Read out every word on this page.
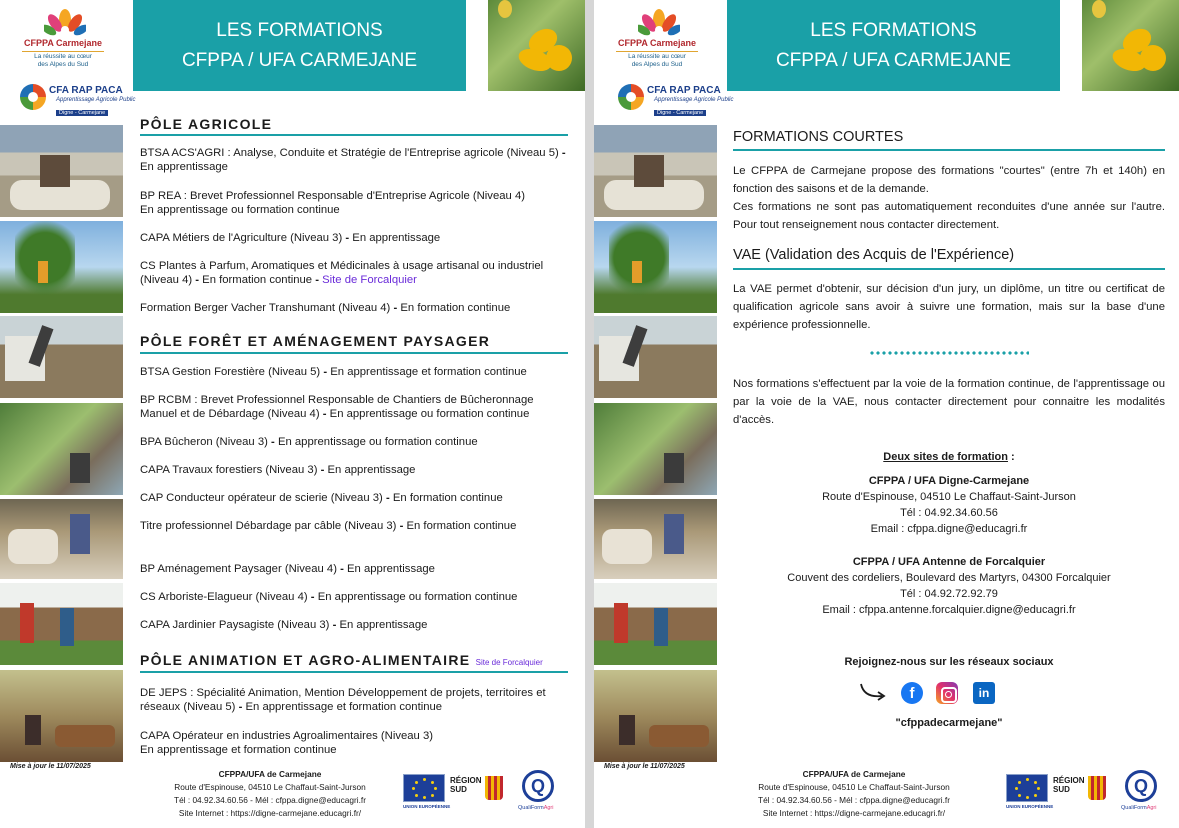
CFPPA Carmejane
La réussite au cœur des Alpes du Sud
CFA RAP PACA
Apprentissage Agricole Public
Digne - Carmejane
LES FORMATIONS
CFPPA / UFA CARMEJANE
PÔLE AGRICOLE
BTSA ACS'AGRI : Analyse, Conduite et Stratégie de l'Entreprise agricole (Niveau 5) - En apprentissage
BP REA : Brevet Professionnel Responsable d'Entreprise Agricole (Niveau 4)
En apprentissage ou formation continue
CAPA Métiers de l'Agriculture (Niveau 3) - En apprentissage
CS Plantes à Parfum, Aromatiques et Médicinales à usage artisanal ou industriel (Niveau 4) - En formation continue - Site de Forcalquier
Formation Berger Vacher Transhumant (Niveau 4) - En formation continue
PÔLE FORÊT ET AMÉNAGEMENT PAYSAGER
BTSA Gestion Forestière (Niveau 5) - En apprentissage et formation continue
BP RCBM : Brevet Professionnel Responsable de Chantiers de Bûcheronnage Manuel et de Débardage (Niveau 4) - En apprentissage ou formation continue
BPA Bûcheron (Niveau 3) - En apprentissage ou formation continue
CAPA Travaux forestiers (Niveau 3) - En apprentissage
CAP Conducteur opérateur de scierie (Niveau 3) - En formation continue
Titre professionnel Débardage par câble (Niveau 3) - En formation continue
BP Aménagement Paysager (Niveau 4) - En apprentissage
CS Arboriste-Elagueur (Niveau 4) - En apprentissage ou formation continue
CAPA Jardinier Paysagiste (Niveau 3) - En apprentissage
PÔLE ANIMATION ET AGRO-ALIMENTAIRE Site de Forcalquier
DE JEPS : Spécialité Animation, Mention Développement de projets, territoires et réseaux (Niveau 5) - En apprentissage et formation continue
CAPA Opérateur en industries Agroalimentaires (Niveau 3)
En apprentissage et formation continue
Mise à jour le 11/07/2025
CFPPA/UFA de Carmejane
Route d'Espinouse, 04510 Le Chaffaut-Saint-Jurson
Tél : 04.92.34.60.56 - Mél : cfppa.digne@educagri.fr
Site Internet : https://digne-carmejane.educagri.fr/
UNION EUROPÉENNE
RÉGION
SUD	Q
QualiFormAgri
CFPPA Carmejane
La réussite au cœur des Alpes du Sud
CFA RAP PACA
Apprentissage Agricole Public
Digne - Carmejane
LES FORMATIONS
CFPPA / UFA CARMEJANE
FORMATIONS COURTES
Le CFPPA de Carmejane propose des formations "courtes" (entre 7h et 140h) en fonction des saisons et de la demande.
Ces formations ne sont pas automatiquement reconduites d'une année sur l'autre. Pour tout renseignement nous contacter directement.
VAE (Validation des Acquis de l'Expérience)
La VAE permet d'obtenir, sur décision d'un jury, un diplôme, un titre ou certificat de qualification agricole sans avoir à suivre une formation, mais sur la base d'une expérience professionnelle.
Nos formations s'effectuent par la voie de la formation continue, de l'apprentissage ou par la voie de la VAE, nous contacter directement pour connaitre les modalités d'accès.
Deux sites de formation :
CFPPA / UFA Digne-Carmejane
Route d'Espinouse, 04510 Le Chaffaut-Saint-Jurson
Tél : 04.92.34.60.56
Email : cfppa.digne@educagri.fr
CFPPA / UFA Antenne de Forcalquier
Couvent des cordeliers, Boulevard des Martyrs, 04300 Forcalquier
Tél : 04.92.72.92.79
Email : cfppa.antenne.forcalquier.digne@educagri.fr
Rejoignez-nous sur les réseaux sociaux
"cfppadecarmejane"
f	in
Mise à jour le 11/07/2025
CFPPA/UFA de Carmejane
Route d'Espinouse, 04510 Le Chaffaut-Saint-Jurson
Tél : 04.92.34.60.56 - Mél : cfppa.digne@educagri.fr
Site Internet : https://digne-carmejane.educagri.fr/
UNION EUROPÉENNE
RÉGION
SUD	Q
QualiFormAgri
